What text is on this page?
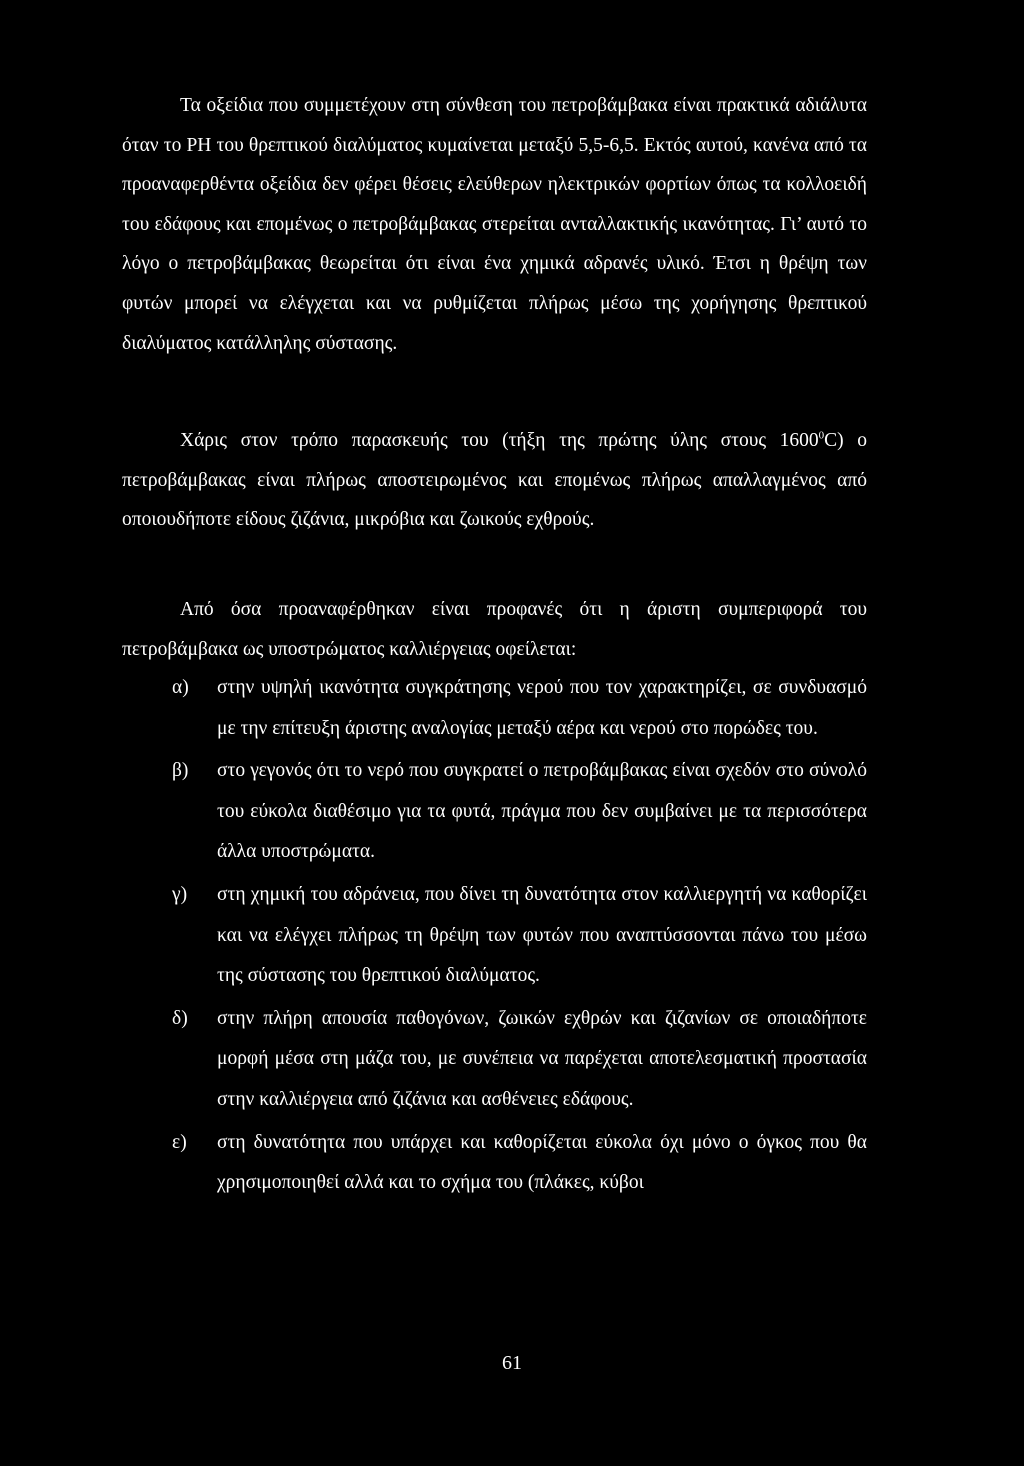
Τα οξείδια που συμμετέχουν στη σύνθεση του πετροβάμβακα είναι πρακτικά αδιάλυτα όταν το PH του θρεπτικού διαλύματος κυμαίνεται μεταξύ 5,5-6,5. Εκτός αυτού, κανένα από τα προαναφερθέντα οξείδια δεν φέρει θέσεις ελεύθερων ηλεκτρικών φορτίων όπως τα κολλοειδή του εδάφους και επομένως ο πετροβάμβακας στερείται ανταλλακτικής ικανότητας. Γι’ αυτό το λόγο ο πετροβάμβακας θεωρείται ότι είναι ένα χημικά αδρανές υλικό. Έτσι η θρέψη των φυτών μπορεί να ελέγχεται και να ρυθμίζεται πλήρως μέσω της χορήγησης θρεπτικού διαλύματος κατάλληλης σύστασης.

Χάρις στον τρόπο παρασκευής του (τήξη της πρώτης ύλης στους 1600$^0$C) ο πετροβάμβακας είναι πλήρως αποστειρωμένος και επομένως πλήρως απαλλαγμένος από οποιουδήποτε είδους ζιζάνια, μικρόβια και ζωικούς εχθρούς.

Από όσα προαναφέρθηκαν είναι προφανές ότι η άριστη συμπεριφορά του πετροβάμβακα ως υποστρώματος καλλιέργειας οφείλεται:

α) στην υψηλή ικανότητα συγκράτησης νερού που τον χαρακτηρίζει, σε συνδυασμό με την επίτευξη άριστης αναλογίας μεταξύ αέρα και νερού στο πορώδες του.
β) στο γεγονός ότι το νερό που συγκρατεί ο πετροβάμβακας είναι σχεδόν στο σύνολό του εύκολα διαθέσιμο για τα φυτά, πράγμα που δεν συμβαίνει με τα περισσότερα άλλα υποστρώματα.
γ) στη χημική του αδράνεια, που δίνει τη δυνατότητα στον καλλιεργητή να καθορίζει και να ελέγχει πλήρως τη θρέψη των φυτών που αναπτύσσονται πάνω του μέσω της σύστασης του θρεπτικού διαλύματος.
δ) στην πλήρη απουσία παθογόνων, ζωικών εχθρών και ζιζανίων σε οποιαδήποτε μορφή μέσα στη μάζα του, με συνέπεια να παρέχεται αποτελεσματική προστασία στην καλλιέργεια από ζιζάνια και ασθένειες εδάφους.
ε) στη δυνατότητα που υπάρχει και καθορίζεται εύκολα όχι μόνο ο όγκος που θα χρησιμοποιηθεί αλλά και το σχήμα του (πλάκες, κύβοι
61
